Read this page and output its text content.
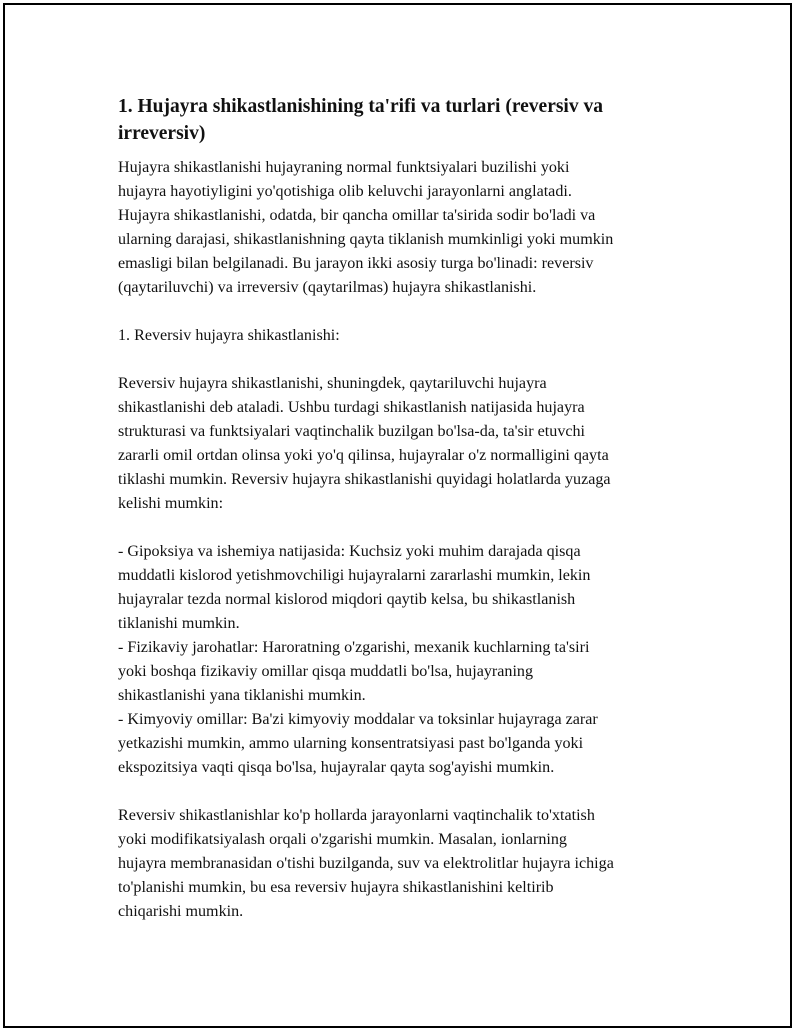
1. Hujayra shikastlanishining ta'rifi va turlari (reversiv va
irreversiv)
Hujayra shikastlanishi hujayraning normal funktsiyalari buzilishi yoki
hujayra hayotiyligini yo'qotishiga olib keluvchi jarayonlarni anglatadi.
Hujayra shikastlanishi, odatda, bir qancha omillar ta'sirida sodir bo'ladi va
ularning darajasi, shikastlanishning qayta tiklanish mumkinligi yoki mumkin
emasligi bilan belgilanadi. Bu jarayon ikki asosiy turga bo'linadi: reversiv
(qaytariluvchi) va irreversiv (qaytarilmas) hujayra shikastlanishi.
1. Reversiv hujayra shikastlanishi:
Reversiv hujayra shikastlanishi, shuningdek, qaytariluvchi hujayra
shikastlanishi deb ataladi. Ushbu turdagi shikastlanish natijasida hujayra
strukturasi va funktsiyalari vaqtinchalik buzilgan bo'lsa-da, ta'sir etuvchi
zararli omil ortdan olinsa yoki yo'q qilinsa, hujayralar o'z normalligini qayta
tiklashi mumkin. Reversiv hujayra shikastlanishi quyidagi holatlarda yuzaga
kelishi mumkin:
- Gipoksiya va ishemiya natijasida: Kuchsiz yoki muhim darajada qisqa
muddatli kislorod yetishmovchiligi hujayralarni zararlashi mumkin, lekin
hujayralar tezda normal kislorod miqdori qaytib kelsa, bu shikastlanish
tiklanishi mumkin.
- Fizikaviy jarohatlar: Haroratning o'zgarishi, mexanik kuchlarning ta'siri
yoki boshqa fizikaviy omillar qisqa muddatli bo'lsa, hujayraning
shikastlanishi yana tiklanishi mumkin.
- Kimyoviy omillar: Ba'zi kimyoviy moddalar va toksinlar hujayraga zarar
yetkazishi mumkin, ammo ularning konsentratsiyasi past bo'lganda yoki
ekspozitsiya vaqti qisqa bo'lsa, hujayralar qayta sog'ayishi mumkin.
Reversiv shikastlanishlar ko'p hollarda jarayonlarni vaqtinchalik to'xtatish
yoki modifikatsiyalash orqali o'zgarishi mumkin. Masalan, ionlarning
hujayra membranasidan o'tishi buzilganda, suv va elektrolitlar hujayra ichiga
to'planishi mumkin, bu esa reversiv hujayra shikastlanishini keltirib
chiqarishi mumkin.
